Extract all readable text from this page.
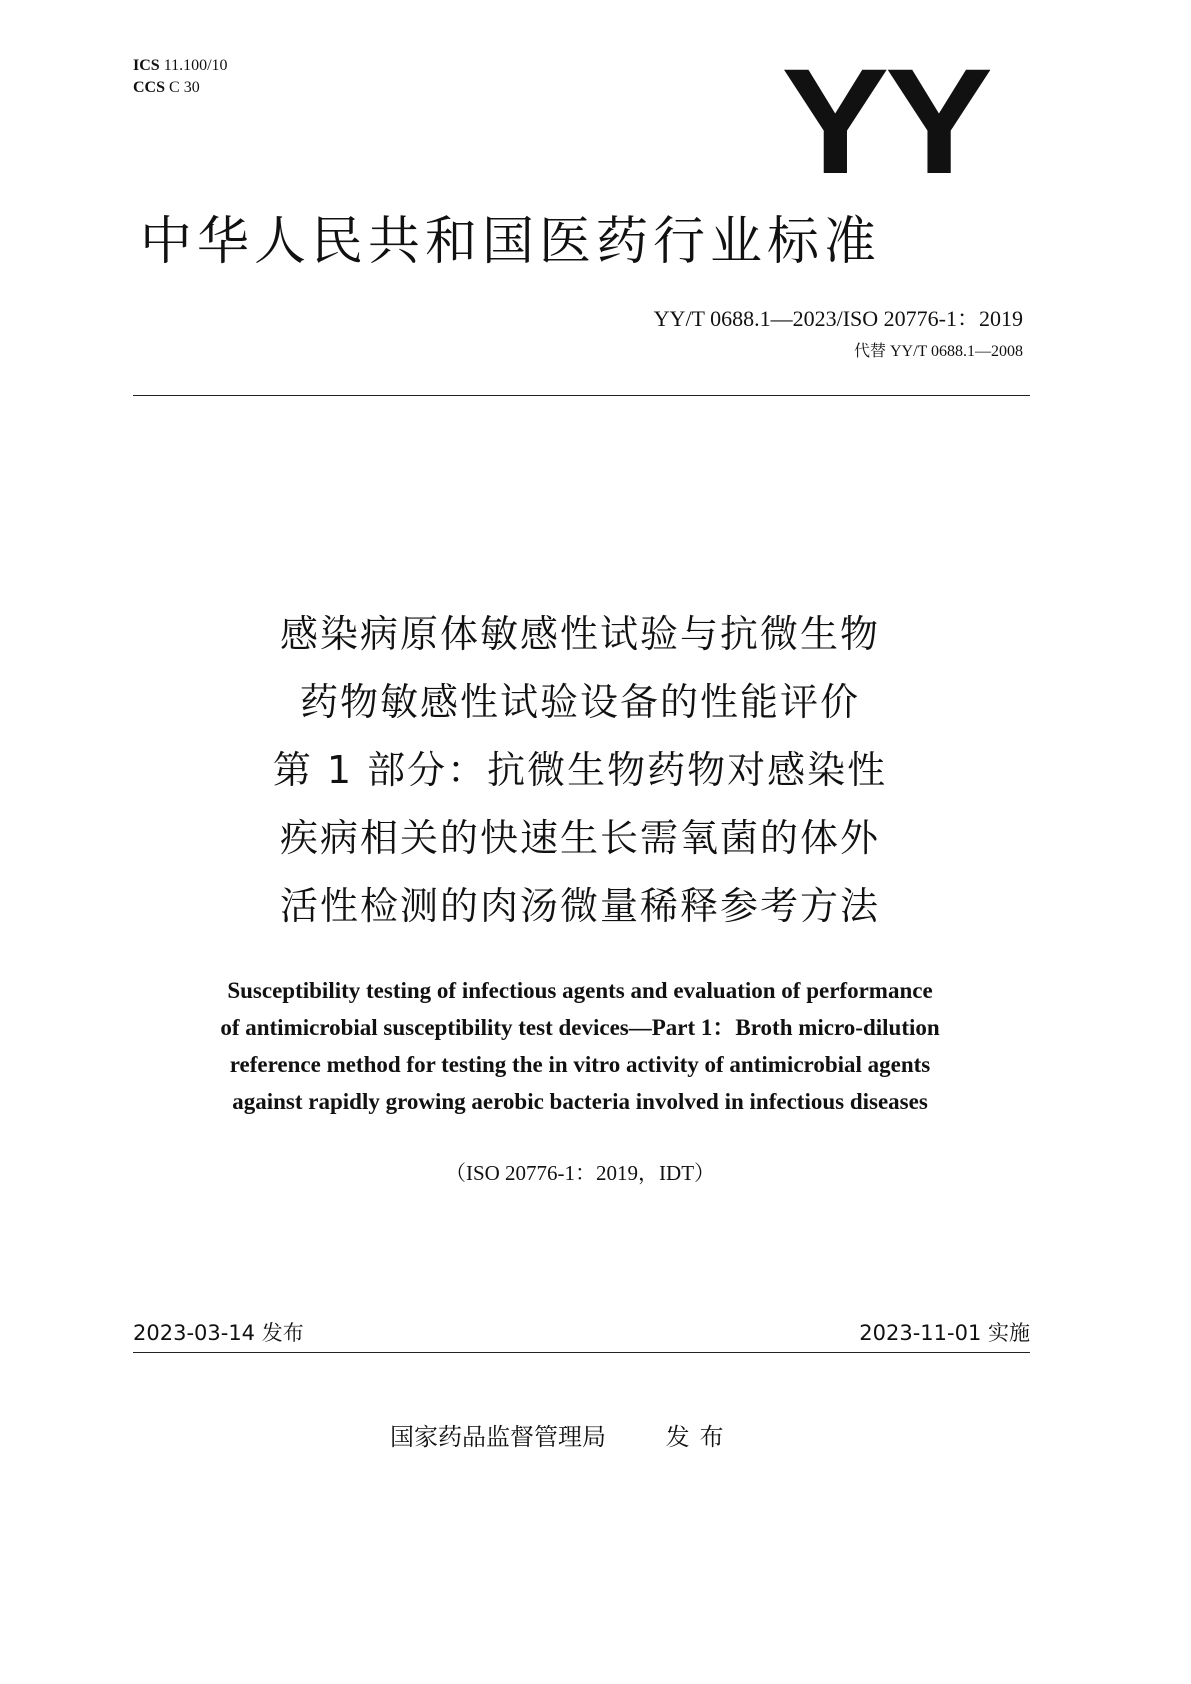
ICS 11.100/10
CCS C 30	YY
中华人民共和国医药行业标准
YY/T 0688.1—2023/ISO 20776-1：2019
代替 YY/T 0688.1—2008
感染病原体敏感性试验与抗微生物
药物敏感性试验设备的性能评价
第 1 部分：抗微生物药物对感染性
疾病相关的快速生长需氧菌的体外
活性检测的肉汤微量稀释参考方法
Susceptibility testing of infectious agents and evaluation of performance
of antimicrobial susceptibility test devices—Part 1：Broth micro-dilution
reference method for testing the in vitro activity of antimicrobial agents
against rapidly growing aerobic bacteria involved in infectious diseases
（ISO 20776-1：2019，IDT）
2023-03-14 发布	2023-11-01 实施
国家药品监督管理局 发布
